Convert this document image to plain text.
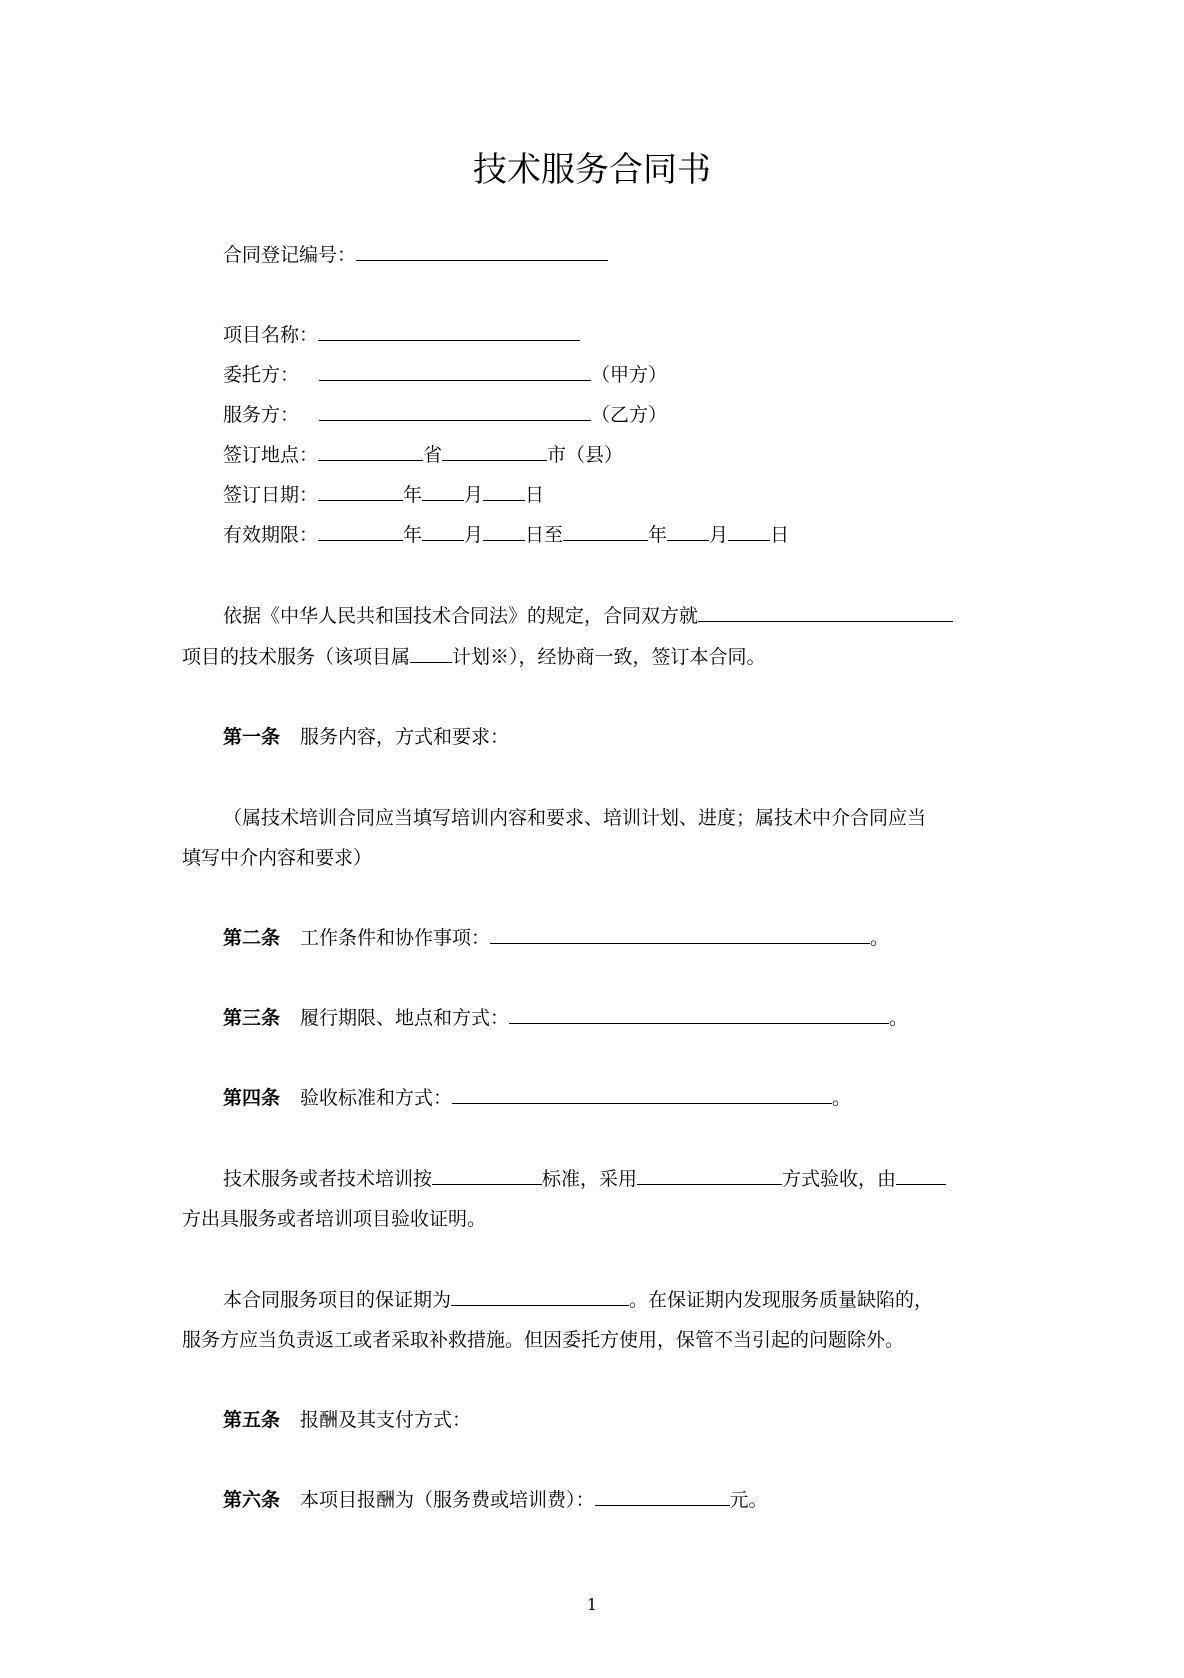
技术服务合同书
合同登记编号：
项目名称：
委托方：	（甲方）
服务方：	（乙方）
签订地点：	省	市（县）
签订日期：	年 月 日
有效期限：	年 月 日至	年 月 日
依据《中华人民共和国技术合同法》的规定，合同双方就
项目的技术服务（该项目属 计划※），经协商一致，签订本合同。
第一条 服务内容，方式和要求：
（属技术培训合同应当填写培训内容和要求、培训计划、进度；属技术中介合同应当
填写中介内容和要求）
第二条 工作条件和协作事项：	。
第三条 履行期限、地点和方式：	。
第四条 验收标准和方式：	。
技术服务或者技术培训按	标准，采用	方式验收，由
方出具服务或者培训项目验收证明。
本合同服务项目的保证期为	。在保证期内发现服务质量缺陷的，
服务方应当负责返工或者采取补救措施。但因委托方使用，保管不当引起的问题除外。
第五条 报酬及其支付方式：
第六条 本项目报酬为（服务费或培训费）：	元。
1
